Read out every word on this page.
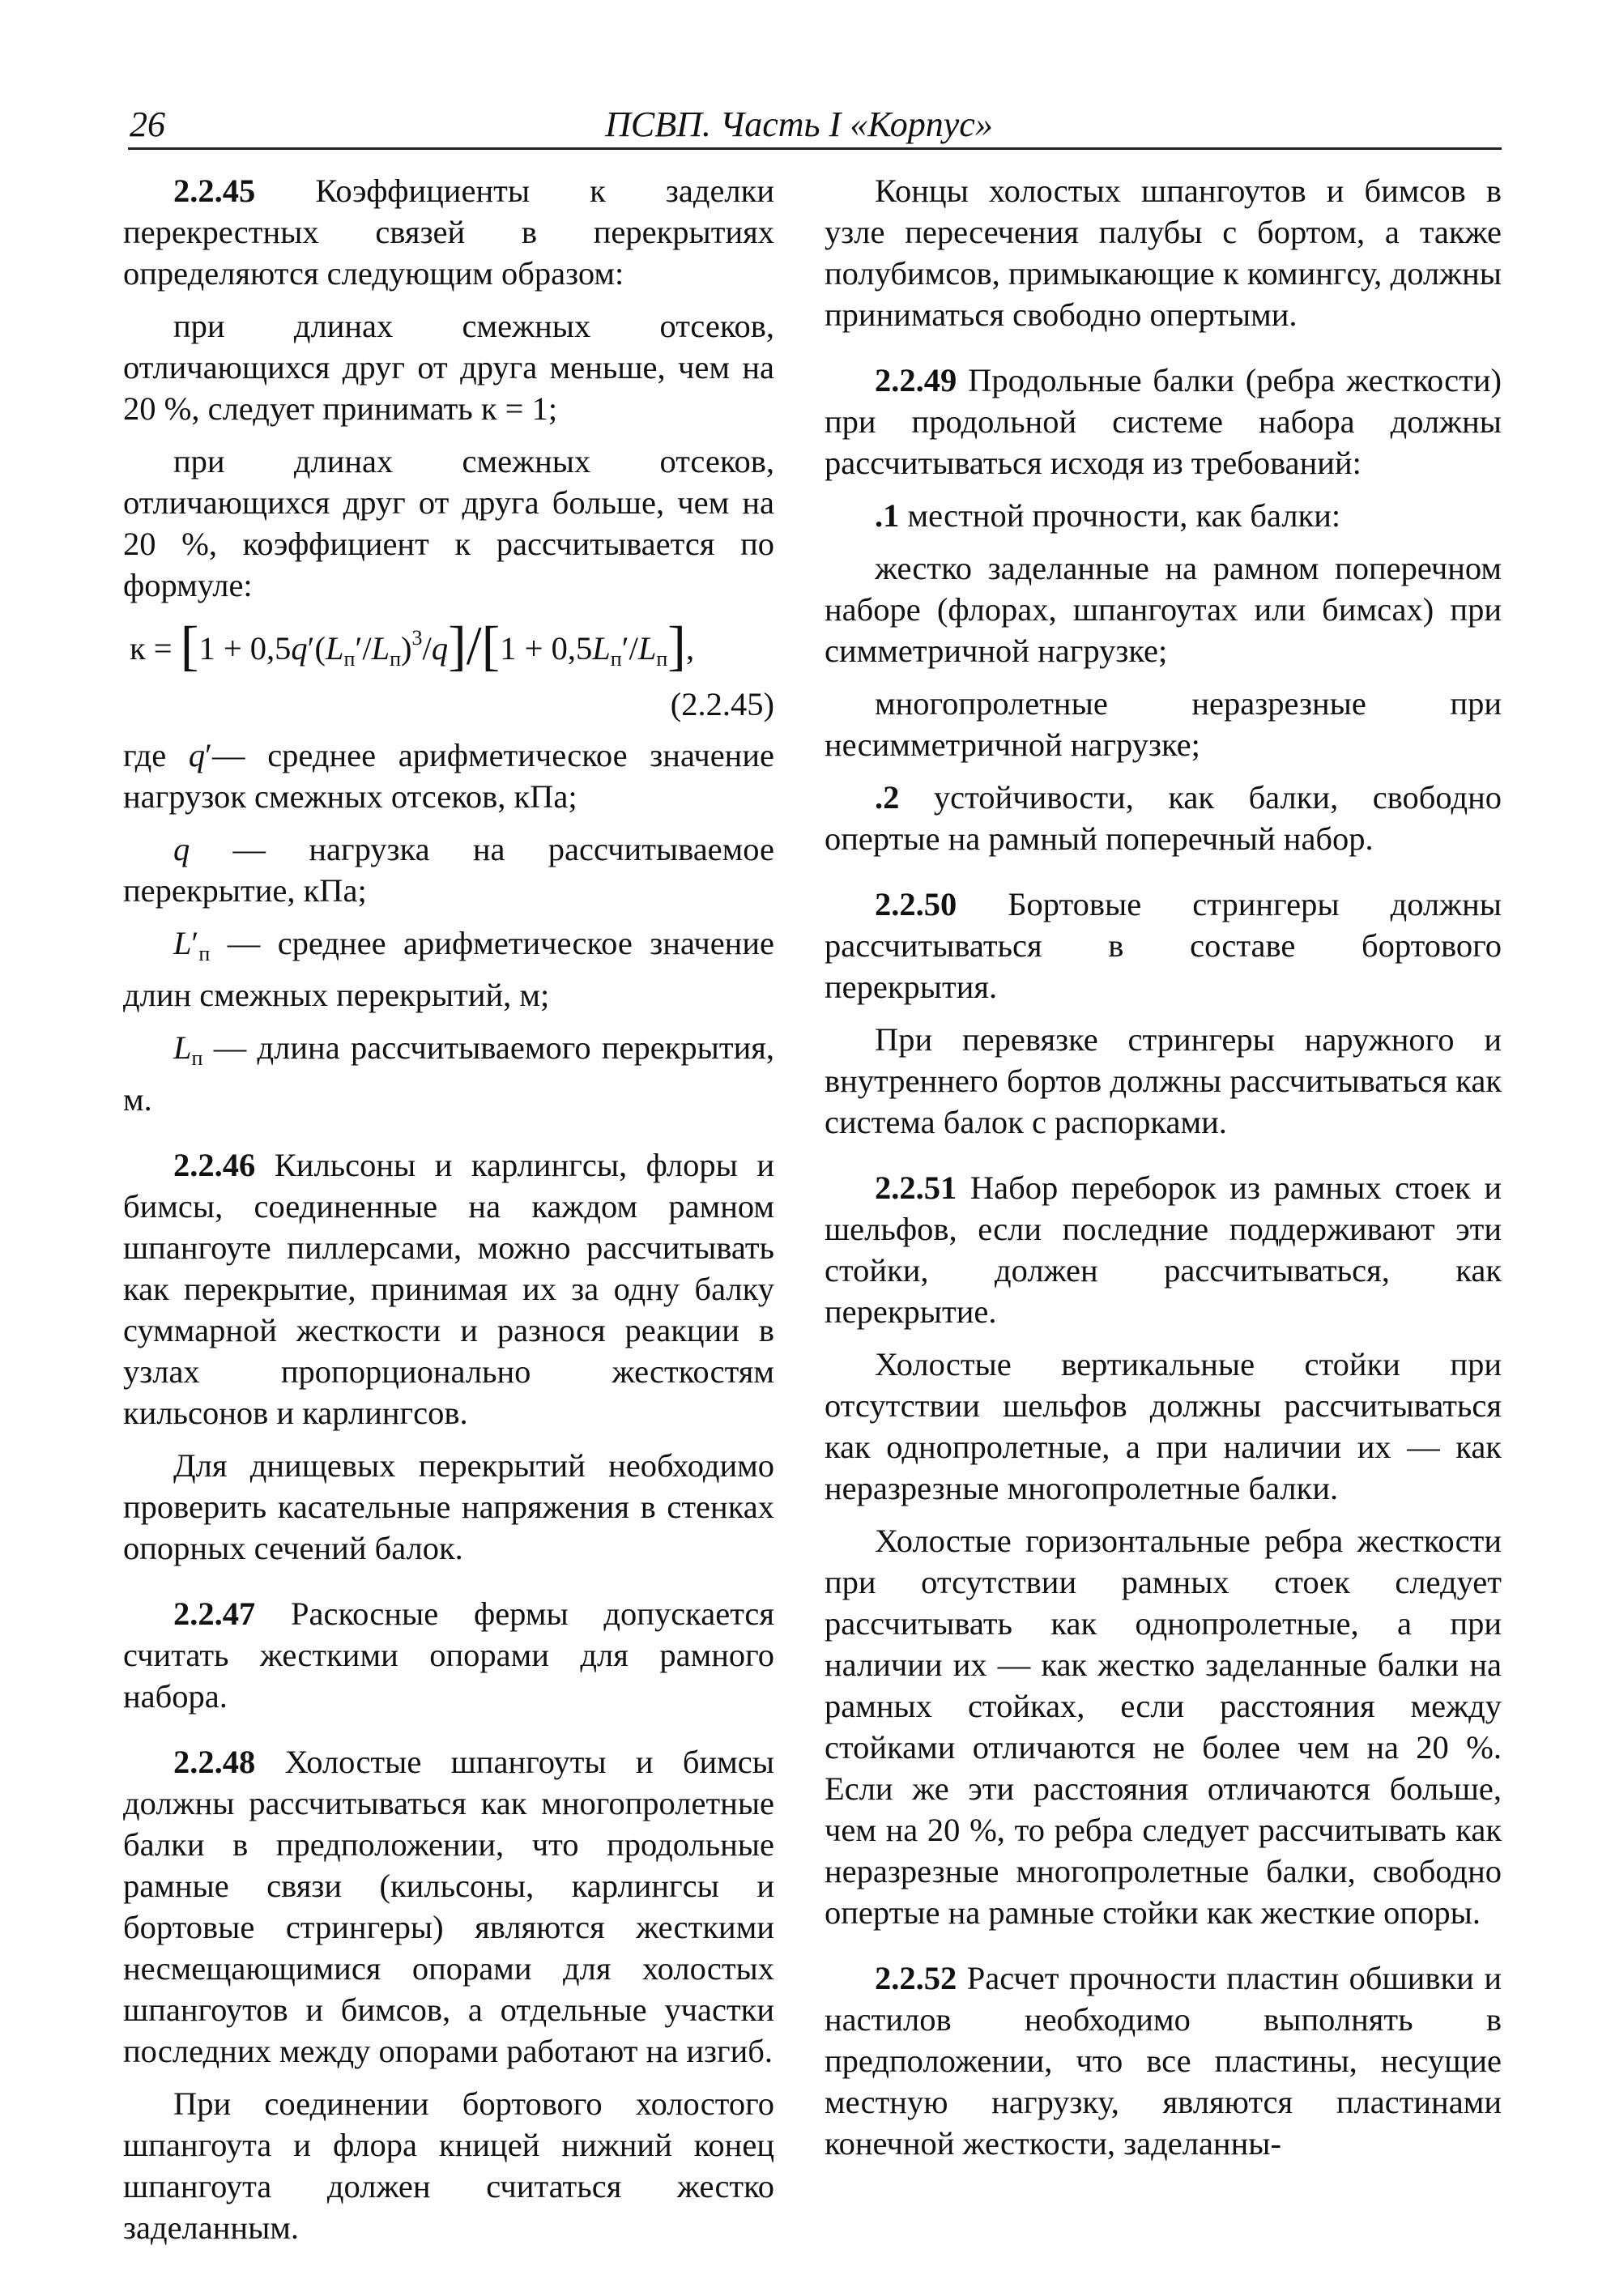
26	ПСВП. Часть I «Корпус»

2.2.45 Коэффициенты к заделки перекрестных связей в перекрытиях определяются следующим образом:

при длинах смежных отсеков, отличающихся друг от друга меньше, чем на 20 %, следует принимать к = 1;

при длинах смежных отсеков, отличающихся друг от друга больше, чем на 20 %, коэффициент к рассчитывается по формуле:

$к = [1 + 0,5q'(Lп'/Lп)^3/q]/[1 + 0,5Lп'/Lп]$,
(2.2.45)

где q′— среднее арифметическое значение нагрузок смежных отсеков, кПа;

q — нагрузка на рассчитываемое перекрытие, кПа;

L′п — среднее арифметическое значение длин смежных перекрытий, м;

Lп — длина рассчитываемого перекрытия, м.

2.2.46 Кильсоны и карлингсы, флоры и бимсы, соединенные на каждом рамном шпангоуте пиллерсами, можно рассчитывать как перекрытие, принимая их за одну балку суммарной жесткости и разнося реакции в узлах пропорционально жесткостям кильсонов и карлингсов.

Для днищевых перекрытий необходимо проверить касательные напряжения в стенках опорных сечений балок.

2.2.47 Раскосные фермы допускается считать жесткими опорами для рамного набора.

2.2.48 Холостые шпангоуты и бимсы должны рассчитываться как многопролетные балки в предположении, что продольные рамные связи (кильсоны, карлингсы и бортовые стрингеры) являются жесткими несмещающимися опорами для холостых шпангоутов и бимсов, а отдельные участки последних между опорами работают на изгиб.

При соединении бортового холостого шпангоута и флора кницей нижний конец шпангоута должен считаться жестко заделанным.

Концы холостых шпангоутов и бимсов в узле пересечения палубы с бортом, а также полубимсов, примыкающие к комингсу, должны приниматься свободно опертыми.

2.2.49 Продольные балки (ребра жесткости) при продольной системе набора должны рассчитываться исходя из требований:

.1 местной прочности, как балки:

жестко заделанные на рамном поперечном наборе (флорах, шпангоутах или бимсах) при симметричной нагрузке;

многопролетные неразрезные при несимметричной нагрузке;

.2 устойчивости, как балки, свободно опертые на рамный поперечный набор.

2.2.50 Бортовые стрингеры должны рассчитываться в составе бортового перекрытия.

При перевязке стрингеры наружного и внутреннего бортов должны рассчитываться как система балок с распорками.

2.2.51 Набор переборок из рамных стоек и шельфов, если последние поддерживают эти стойки, должен рассчитываться, как перекрытие.

Холостые вертикальные стойки при отсутствии шельфов должны рассчитываться как однопролетные, а при наличии их — как неразрезные многопролетные балки.

Холостые горизонтальные ребра жесткости при отсутствии рамных стоек следует рассчитывать как однопролетные, а при наличии их — как жестко заделанные балки на рамных стойках, если расстояния между стойками отличаются не более чем на 20 %. Если же эти расстояния отличаются больше, чем на 20 %, то ребра следует рассчитывать как неразрезные многопролетные балки, свободно опертые на рамные стойки как жесткие опоры.

2.2.52 Расчет прочности пластин обшивки и настилов необходимо выполнять в предположении, что все пластины, несущие местную нагрузку, являются пластинами конечной жесткости, заделанны-
